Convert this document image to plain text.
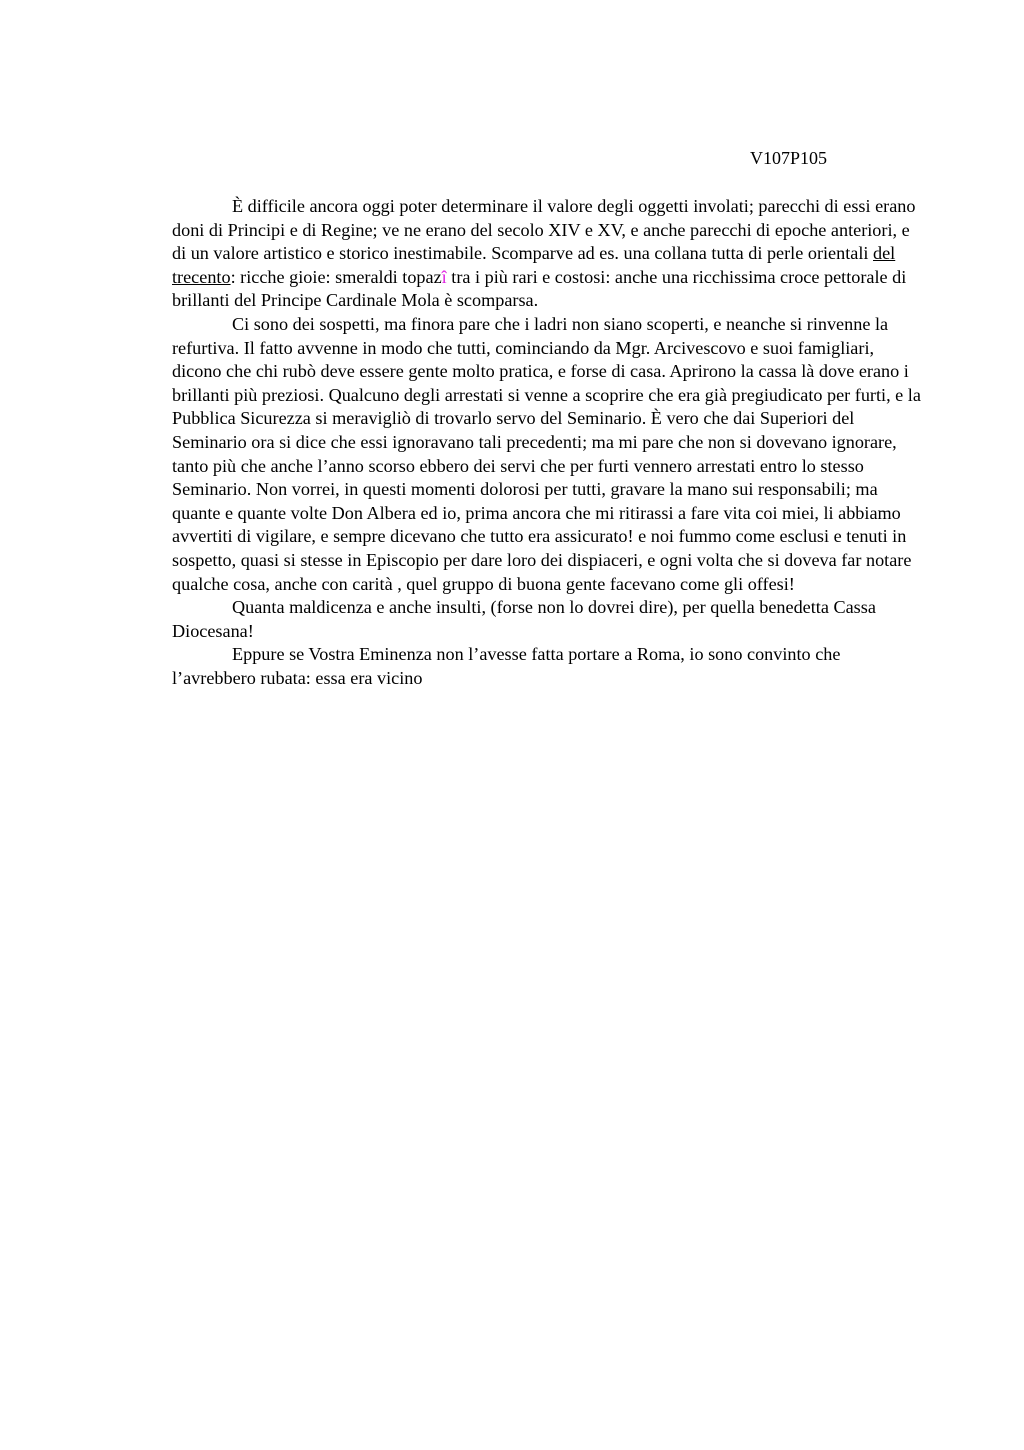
V107P105

È difficile ancora oggi poter determinare il valore degli oggetti involati; parecchi di essi erano doni di Principi e di Regine; ve ne erano del secolo XIV e XV, e anche parecchi di epoche anteriori, e di un valore artistico e storico inestimabile. Scomparve ad es. una collana tutta di perle orientali del trecento: ricche gioie: smeraldi topazî tra i più rari e costosi: anche una ricchissima croce pettorale di brillanti del Principe Cardinale Mola è scomparsa.

Ci sono dei sospetti, ma finora pare che i ladri non siano scoperti, e neanche si rinvenne la refurtiva. Il fatto avvenne in modo che tutti, cominciando da Mgr. Arcivescovo e suoi famigliari, dicono che chi rubò deve essere gente molto pratica, e forse di casa. Aprirono la cassa là dove erano i brillanti più preziosi. Qualcuno degli arrestati si venne a scoprire che era già pregiudicato per furti, e la Pubblica Sicurezza si meravigliò di trovarlo servo del Seminario. È vero che dai Superiori del Seminario ora si dice che essi ignoravano tali precedenti; ma mi pare che non si dovevano ignorare, tanto più che anche l’anno scorso ebbero dei servi che per furti vennero arrestati entro lo stesso Seminario. Non vorrei, in questi momenti dolorosi per tutti, gravare la mano sui responsabili; ma quante e quante volte Don Albera ed io, prima ancora che mi ritirassi a fare vita coi miei, li abbiamo avvertiti di vigilare, e sempre dicevano che tutto era assicurato! e noi fummo come esclusi e tenuti in sospetto, quasi si stesse in Episcopio per dare loro dei dispiaceri, e ogni volta che si doveva far notare qualche cosa, anche con carità , quel gruppo di buona gente facevano come gli offesi!

Quanta maldicenza e anche insulti, (forse non lo dovrei dire), per quella benedetta Cassa Diocesana!

Eppure se Vostra Eminenza non l’avesse fatta portare a Roma, io sono convinto che l’avrebbero rubata: essa era vicino
